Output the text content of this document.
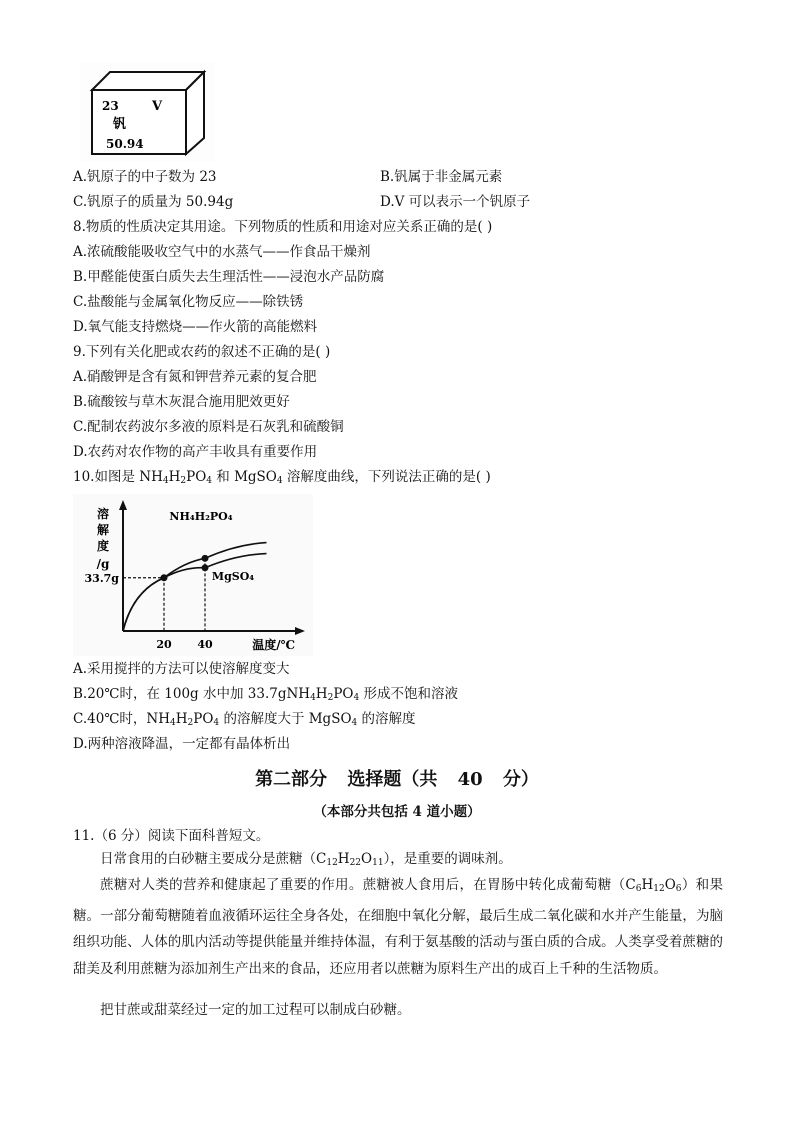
23	V
钒
50.94
A.钒原子的中子数为 23	B.钒属于非金属元素
C.钒原子的质量为 50.94g	D.V 可以表示一个钒原子
8.物质的性质决定其用途。下列物质的性质和用途对应关系正确的是( )
A.浓硫酸能吸收空气中的水蒸气——作食品干燥剂
B.甲醛能使蛋白质失去生理活性——浸泡水产品防腐
C.盐酸能与金属氧化物反应——除铁锈
D.氧气能支持燃烧——作火箭的高能燃料
9.下列有关化肥或农药的叙述不正确的是( )
A.硝酸钾是含有氮和钾营养元素的复合肥
B.硫酸铵与草木灰混合施用肥效更好
C.配制农药波尔多液的原料是石灰乳和硫酸铜
D.农药对农作物的高产丰收具有重要作用
10.如图是 $NH_4H_2PO_4$ 和 MgSO$_4$ 溶解度曲线，下列说法正确的是( )
溶
解
度
/g
温度/℃
NH₄H₂PO₄
MgSO₄
33.7g
20 40
A.采用搅拌的方法可以使溶解度变大
B.20℃时，在 100g 水中加 $33.7gNH_4H_2PO_4$ 形成不饱和溶液
C.40℃时，$NH_4H_2PO_4$ 的溶解度大于 MgSO$_4$ 的溶解度
D.两种溶液降温，一定都有晶体析出
第二部分 选择题（共 40 分）
（本部分共包括 4 道小题）
11.（6 分）阅读下面科普短文。
日常食用的白砂糖主要成分是蔗糖$(C_{12}H_{22}O_{11})$，是重要的调味剂。
蔗糖对人类的营养和健康起了重要的作用。蔗糖被人食用后，在胃肠中转化成葡萄糖$(C_6H_{12}O_6)$和果糖。一部分葡萄糖随着血液循环运往全身各处，在细胞中氧化分解，最后生成二氧化碳和水并产生能量，为脑组织功能、人体的肌内活动等提供能量并维持体温，有利于氨基酸的活动与蛋白质的合成。人类享受着蔗糖的甜美及利用蔗糖为添加剂生产出来的食品，还应用者以蔗糖为原料生产出的成百上千种的生活物质。
把甘蔗或甜菜经过一定的加工过程可以制成白砂糖。
